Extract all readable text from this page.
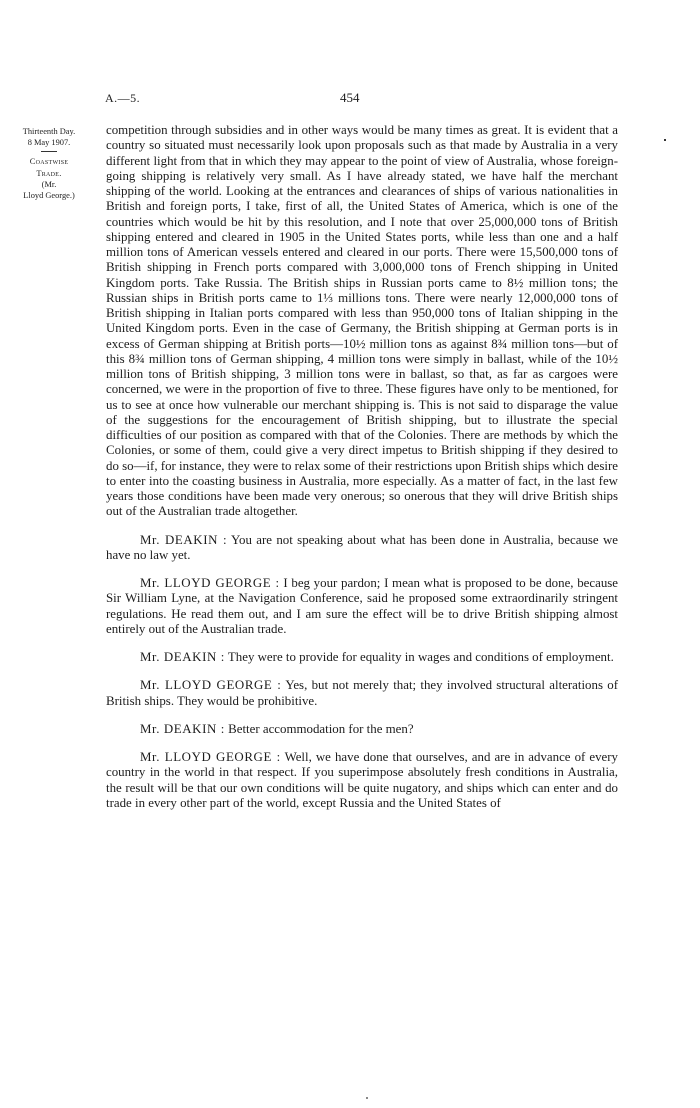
A.—5.	454
Thirteenth Day.
8 May 1907.
Coastwise
Trade.
(Mr.
Lloyd George.)

competition through subsidies and in other ways would be many times as great. It is evident that a country so situated must necessarily look upon proposals such as that made by Australia in a very different light from that in which they may appear to the point of view of Australia, whose foreign-going shipping is relatively very small. As I have already stated, we have half the merchant shipping of the world. Looking at the entrances and clearances of ships of various nationalities in British and foreign ports, I take, first of all, the United States of America, which is one of the countries which would be hit by this resolution, and I note that over 25,000,000 tons of British shipping entered and cleared in 1905 in the United States ports, while less than one and a half million tons of American vessels entered and cleared in our ports. There were 15,500,000 tons of British shipping in French ports compared with 3,000,000 tons of French shipping in United Kingdom ports. Take Russia. The British ships in Russian ports came to 8½ million tons; the Russian ships in British ports came to 1⅓ millions tons. There were nearly 12,000,000 tons of British shipping in Italian ports compared with less than 950,000 tons of Italian shipping in the United Kingdom ports. Even in the case of Germany, the British shipping at German ports is in excess of German shipping at British ports—10½ million tons as against 8¾ million tons—but of this 8¾ million tons of German shipping, 4 million tons were simply in ballast, while of the 10½ million tons of British shipping, 3 million tons were in ballast, so that, as far as cargoes were concerned, we were in the proportion of five to three. These figures have only to be mentioned, for us to see at once how vulnerable our merchant shipping is. This is not said to disparage the value of the suggestions for the encouragement of British shipping, but to illustrate the special difficulties of our position as compared with that of the Colonies. There are methods by which the Colonies, or some of them, could give a very direct impetus to British shipping if they desired to do so—if, for instance, they were to relax some of their restrictions upon British ships which desire to enter into the coasting business in Australia, more especially. As a matter of fact, in the last few years those conditions have been made very onerous; so onerous that they will drive British ships out of the Australian trade altogether.

Mr. DEAKIN : You are not speaking about what has been done in Australia, because we have no law yet.

Mr. LLOYD GEORGE : I beg your pardon; I mean what is proposed to be done, because Sir William Lyne, at the Navigation Conference, said he proposed some extraordinarily stringent regulations. He read them out, and I am sure the effect will be to drive British shipping almost entirely out of the Australian trade.

Mr. DEAKIN : They were to provide for equality in wages and conditions of employment.

Mr. LLOYD GEORGE : Yes, but not merely that; they involved structural alterations of British ships. They would be prohibitive.

Mr. DEAKIN : Better accommodation for the men?

Mr. LLOYD GEORGE : Well, we have done that ourselves, and are in advance of every country in the world in that respect. If you superimpose absolutely fresh conditions in Australia, the result will be that our own conditions will be quite nugatory, and ships which can enter and do trade in every other part of the world, except Russia and the United States of
